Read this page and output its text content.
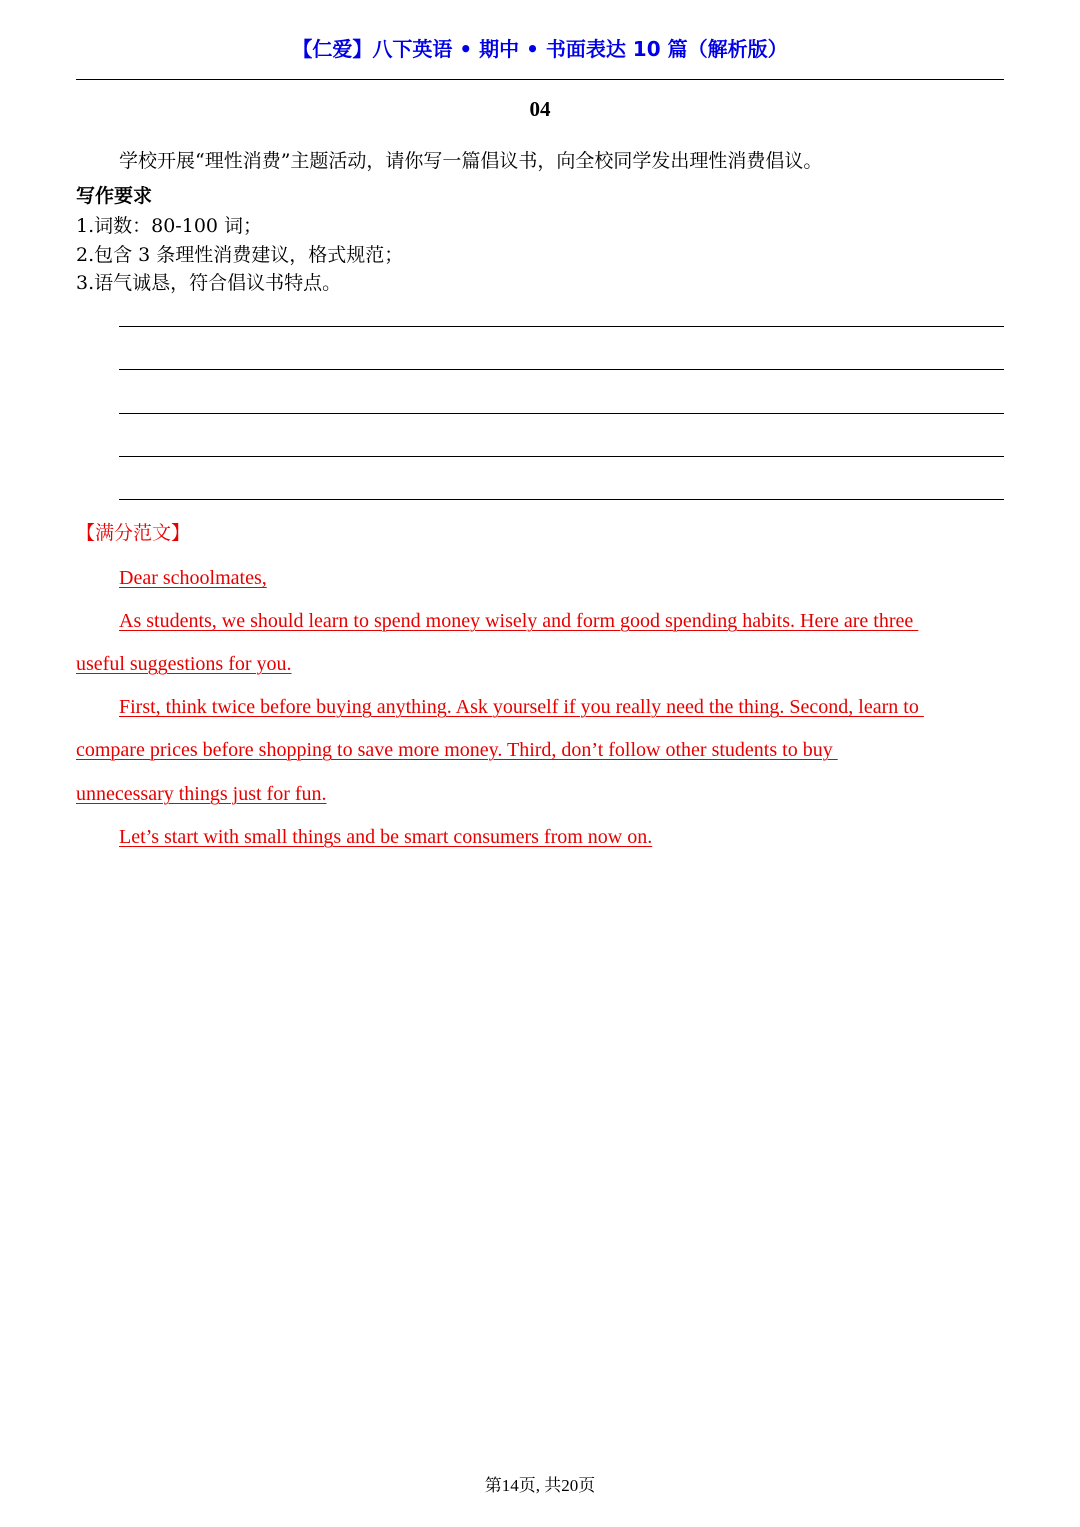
【仁爱】八下英语 • 期中 • 书面表达 10 篇（解析版）
04
学校开展“理性消费”主题活动，请你写一篇倡议书，向全校同学发出理性消费倡议。
写作要求
1.词数：80-100 词；
2.包含 3 条理性消费建议，格式规范；
3.语气诚恳，符合倡议书特点。
【满分范文】
Dear schoolmates,
As students, we should learn to spend money wisely and form good spending habits. Here are three
useful suggestions for you.
First, think twice before buying anything. Ask yourself if you really need the thing. Second, learn to
compare prices before shopping to save more money. Third, don’t follow other students to buy
unnecessary things just for fun.
Let’s start with small things and be smart consumers from now on.
第14页, 共20页
